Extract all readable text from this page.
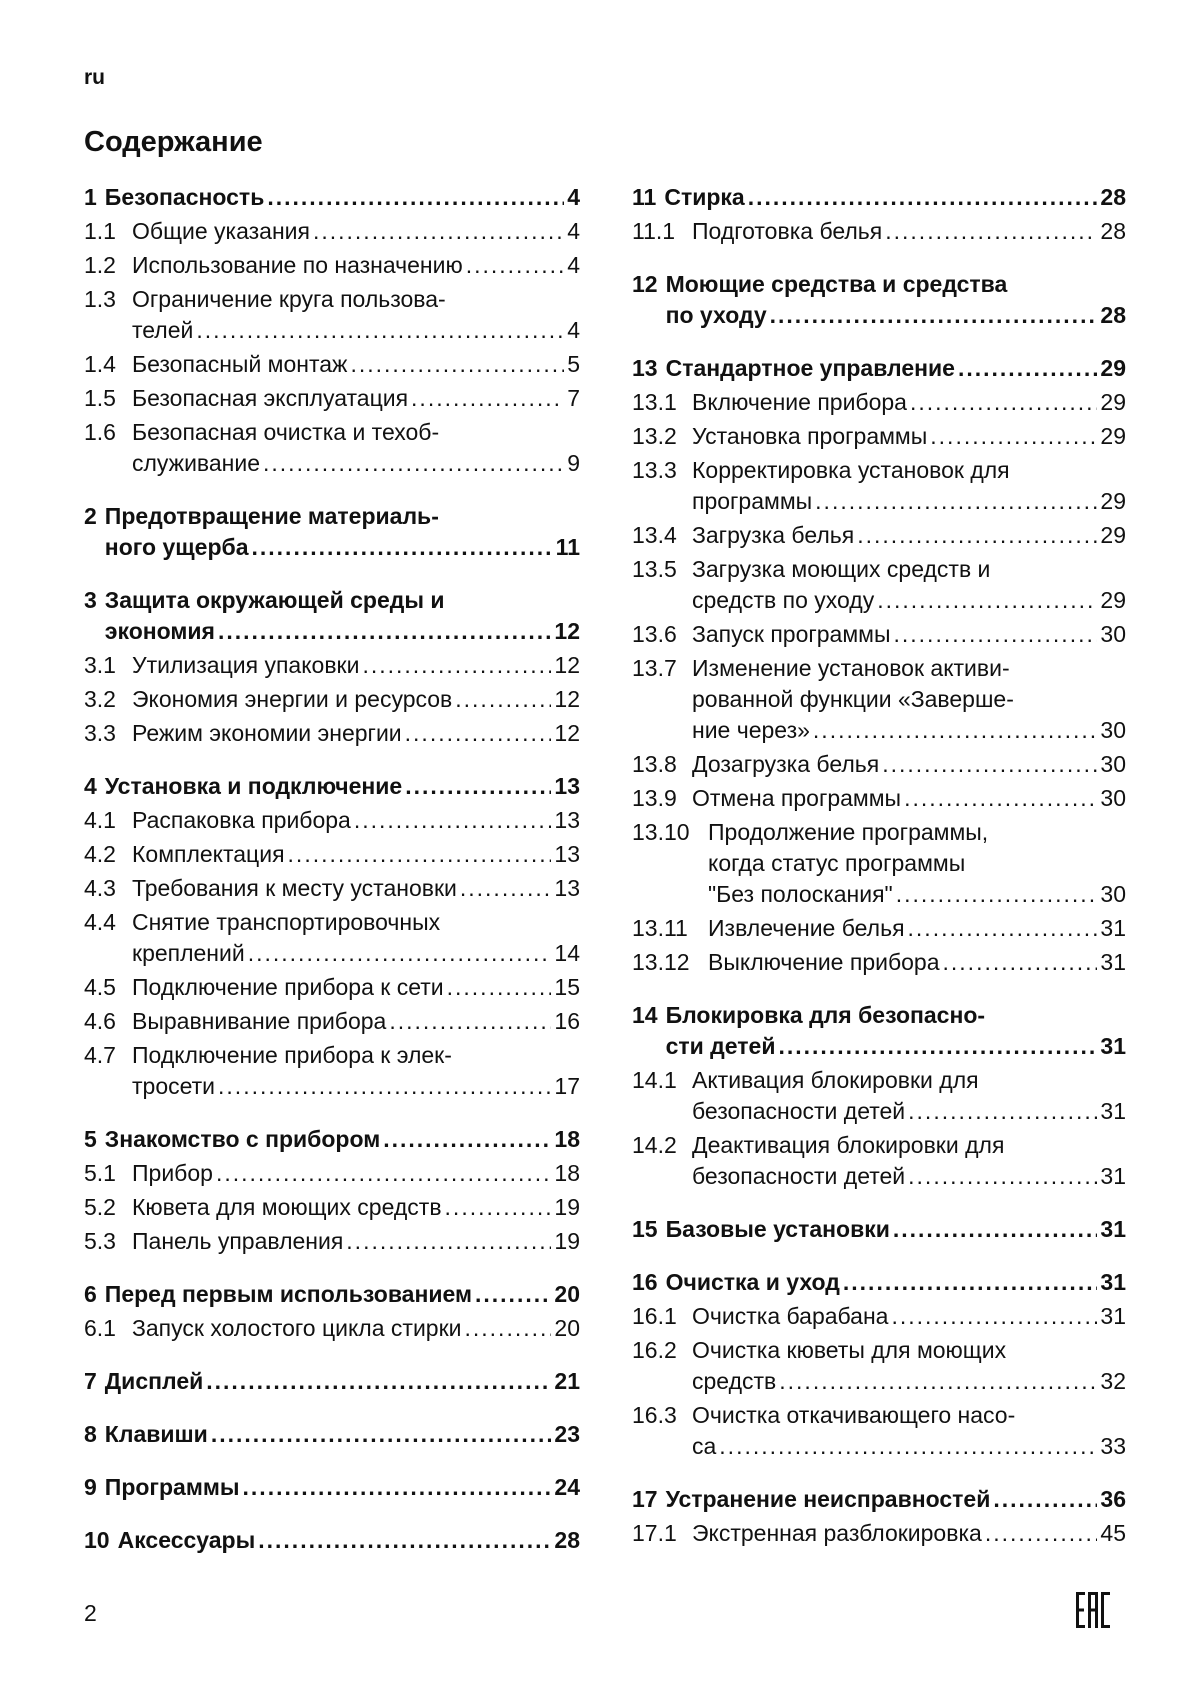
ru
Содержание
1 Безопасность .....	4
1.1 Общие указания .....	4
1.2 Использование по назначению .....	4
1.3 Ограничение круга пользова-
телей .....	4
1.4 Безопасный монтаж .....	5
1.5 Безопасная эксплуатация .....	7
1.6 Безопасная очистка и техоб-
служивание .....	9
2 Предотвращение материаль-
ного ущерба .....	11
3 Защита окружающей среды и
экономия .....	12
3.1 Утилизация упаковки .....	12
3.2 Экономия энергии и ресурсов .....	12
3.3 Режим экономии энергии .....	12
4 Установка и подключение .....	13
4.1 Распаковка прибора .....	13
4.2 Комплектация .....	13
4.3 Требования к месту установки .....	13
4.4 Снятие транспортировочных
креплений .....	14
4.5 Подключение прибора к сети .....	15
4.6 Выравнивание прибора .....	16
4.7 Подключение прибора к элек-
тросети .....	17
5 Знакомство с прибором .....	18
5.1 Прибор .....	18
5.2 Кювета для моющих средств .....	19
5.3 Панель управления .....	19
6 Перед первым использованием .....	20
6.1 Запуск холостого цикла стирки .....	20
7 Дисплей .....	21
8 Клавиши .....	23
9 Программы .....	24
10 Аксессуары .....	28
11 Стирка .....	28
11.1 Подготовка белья .....	28
12 Моющие средства и средства
по уходу .....	28
13 Стандартное управление .....	29
13.1 Включение прибора .....	29
13.2 Установка программы .....	29
13.3 Корректировка установок для
программы .....	29
13.4 Загрузка белья .....	29
13.5 Загрузка моющих средств и
средств по уходу .....	29
13.6 Запуск программы .....	30
13.7 Изменение установок активи-
рованной функции «Заверше-
ние через» .....	30
13.8 Дозагрузка белья .....	30
13.9 Отмена программы .....	30
13.10 Продолжение программы,
когда статус программы
"Без полоскания" .....	30
13.11 Извлечение белья .....	31
13.12 Выключение прибора .....	31
14 Блокировка для безопасно-
сти детей .....	31
14.1 Активация блокировки для
безопасности детей .....	31
14.2 Деактивация блокировки для
безопасности детей .....	31
15 Базовые установки .....	31
16 Очистка и уход .....	31
16.1 Очистка барабана .....	31
16.2 Очистка кюветы для моющих
средств .....	32
16.3 Очистка откачивающего насо-
са .....	33
17 Устранение неисправностей .....	36
17.1 Экстренная разблокировка .....	45
2
